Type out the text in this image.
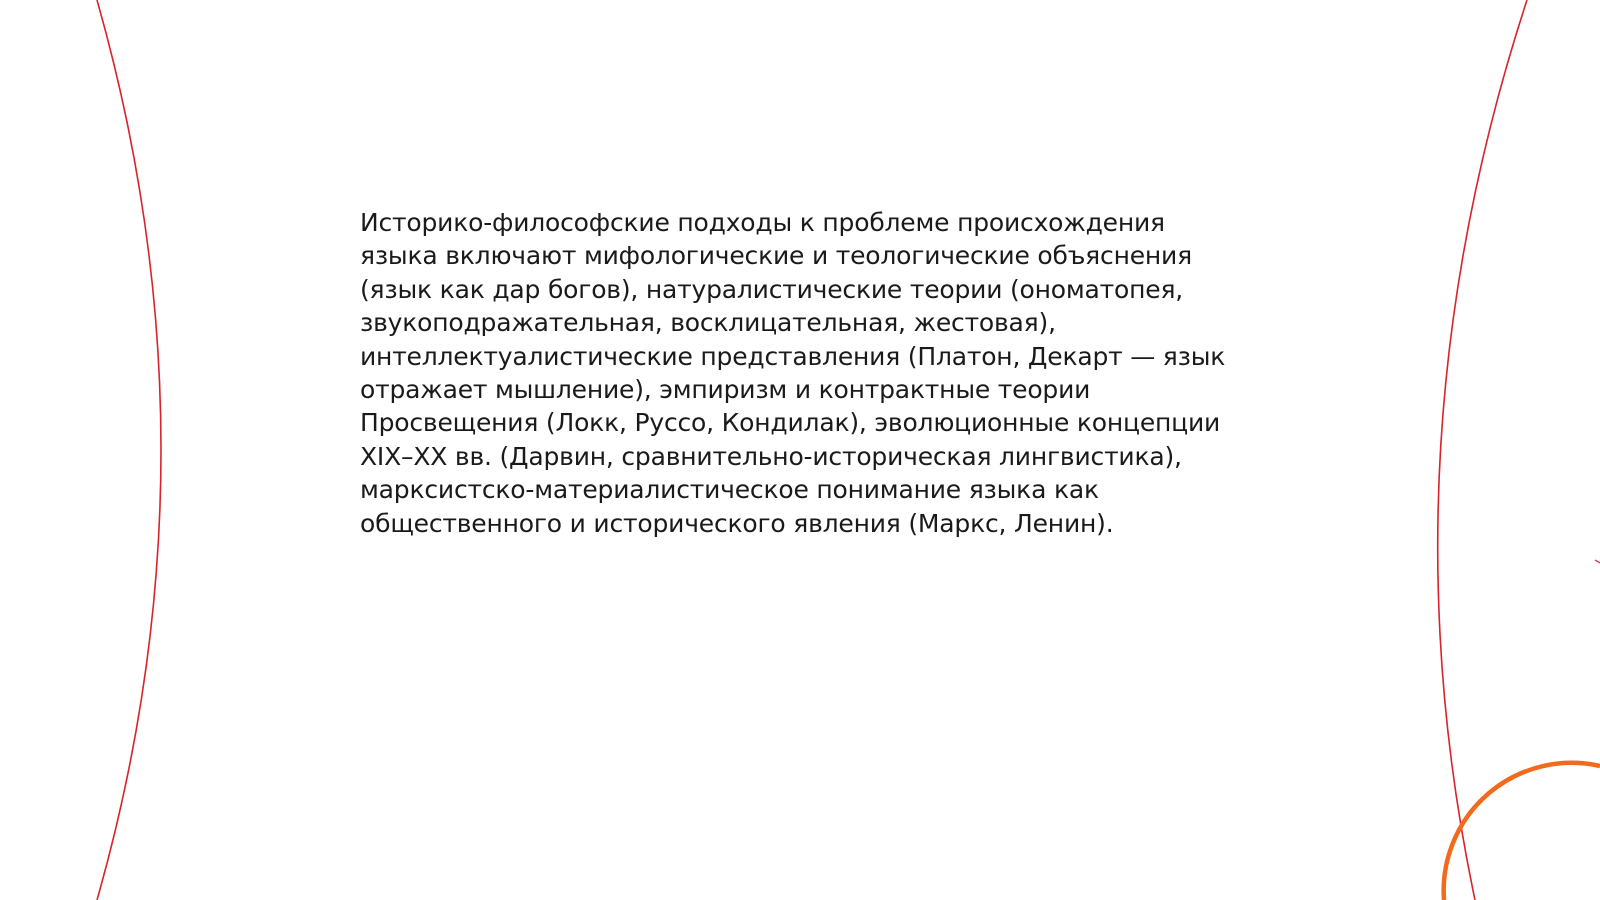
Историко-философские подходы к проблеме происхождения языка включают мифологические и теологические объяснения (язык как дар богов), натуралистические теории (ономатопея, звукоподражательная, восклицательная, жестовая), интеллектуалистические представления (Платон, Декарт — язык отражает мышление), эмпиризм и контрактные теории Просвещения (Локк, Руссо, Кондилак), эволюционные концепции XIX–XX вв. (Дарвин, сравнительно-историческая лингвистика), марксистско-материалистическое понимание языка как общественного и исторического явления (Маркс, Ленин).
